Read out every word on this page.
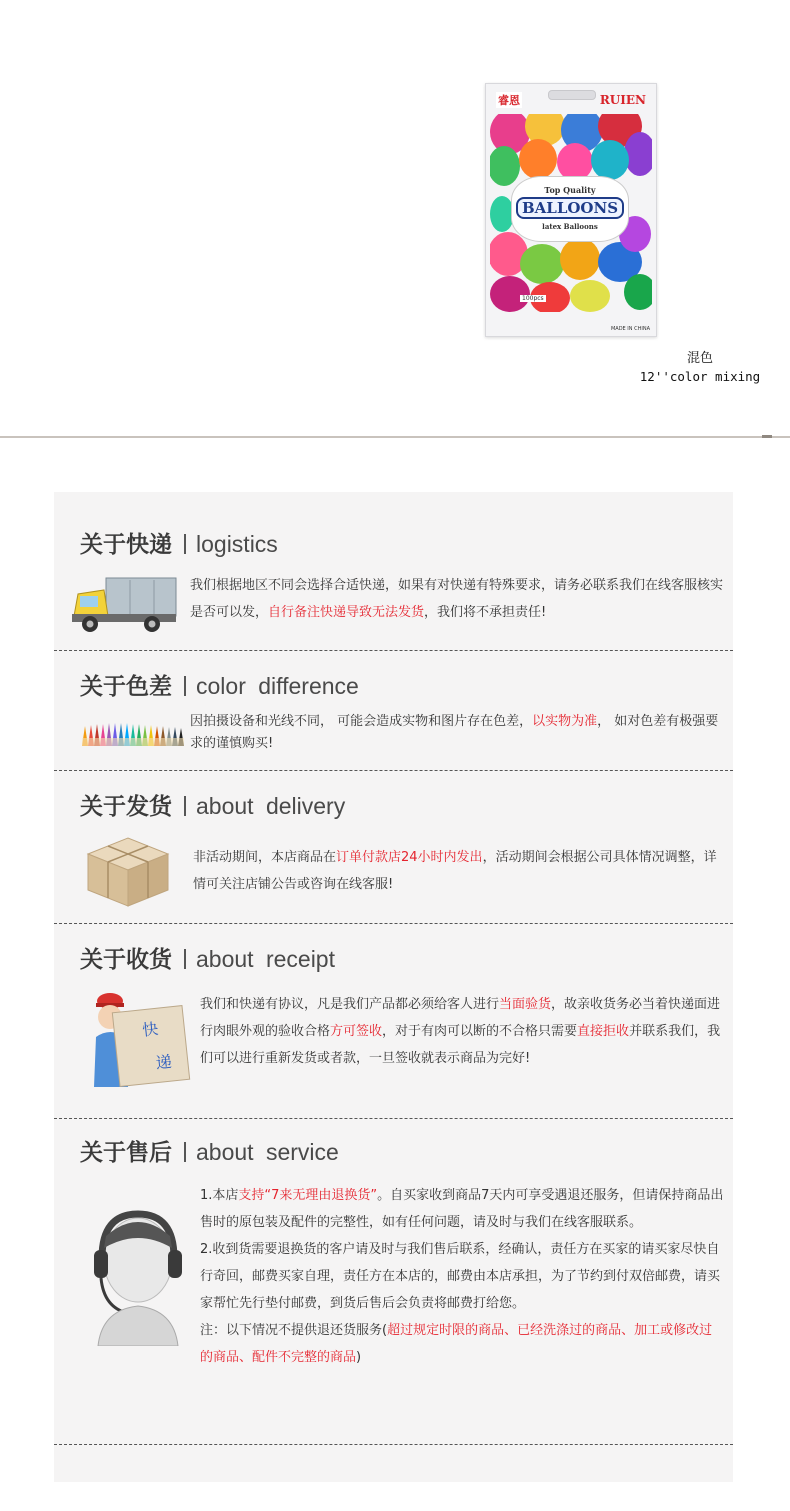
睿恩	RUIEN
Top Quality
BALLOONS
latex Balloons
100pcs
MADE IN CHINA
混色
12''color mixing
关于快递 logistics
我们根据地区不同会选择合适快递，如果有对快递有特殊要求，请务必联系我们在线客服核实是否可以发，自行备注快递导致无法发货，我们将不承担责任!
关于色差 color difference
因拍摄设备和光线不同， 可能会造成实物和图片存在色差，以实物为准， 如对色差有极强要求的谨慎购买!
关于发货 about delivery
非活动期间，本店商品在订单付款店24小时内发出，活动期间会根据公司具体情况调整，详情可关注店铺公告或咨询在线客服!
关于收货 about receipt
快
递
我们和快递有协议，凡是我们产品都必须给客人进行当面验货，故亲收货务必当着快递面进行肉眼外观的验收合格方可签收，对于有肉可以断的不合格只需要直接拒收并联系我们，我们可以进行重新发货或者款，一旦签收就表示商品为完好!
关于售后 about service
1.本店支持“7来无理由退换货”。自买家收到商品7天内可享受遇退还服务，但请保持商品出售时的原包装及配件的完整性，如有任何问题，请及时与我们在线客服联系。
2.收到货需要退换货的客户请及时与我们售后联系，经确认，责任方在买家的请买家尽快自行奇回，邮费买家自理，责任方在本店的，邮费由本店承担，为了节约到付双倍邮费，请买家帮忙先行垫付邮费，到货后售后会负责将邮费打给您。
注：以下情况不提供退还货服务(超过规定时限的商品、已经洗涤过的商品、加工或修改过的商品、配件不完整的商品)
